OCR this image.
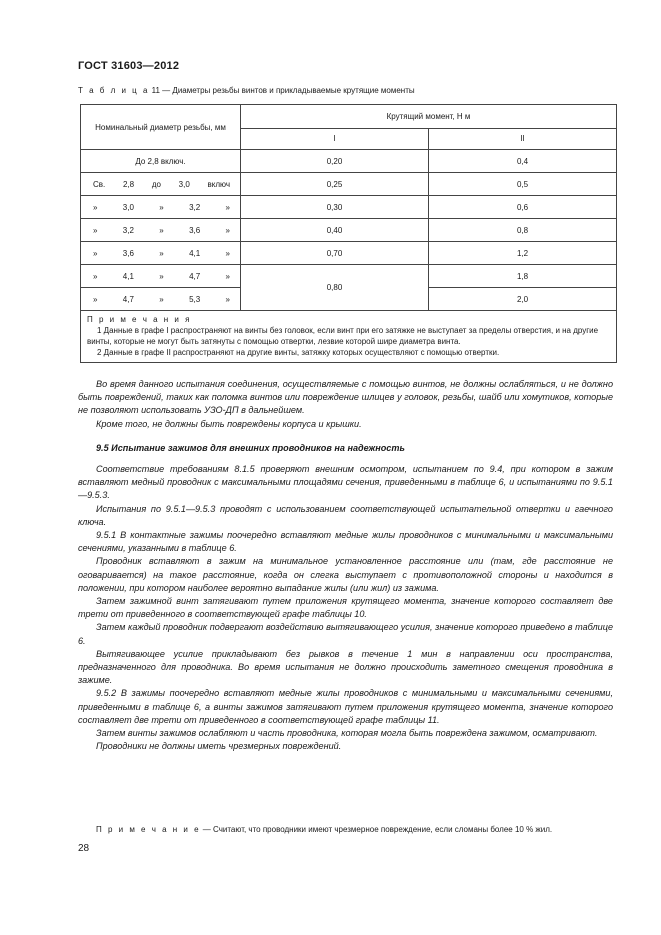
ГОСТ 31603—2012
Т а б л и ц а 11 — Диаметры резьбы винтов и прикладываемые крутящие моменты
Номинальный диаметр резьбы, мм	Крутящий момент, Н м	
	I	II
До 2,8 включ.	0,20	0,4

Св. 2,8 до 3,0 включ	0,25	0,5

» 3,0 » 3,2 »	0,30	0,6

» 3,2 » 3,6 »	0,40	0,8

» 3,6 » 4,1 »	0,70	1,2

» 4,1 » 4,7 »	0,80	1,8

» 4,7 » 5,3 »		2,0

П р и м е ч а н и я
1 Данные в графе I распространяют на винты без головок, если винт при его затяжке не выступает за пределы отверстия, и на другие винты, которые не могут быть затянуты с помощью отвертки, лезвие которой шире диаметра винта.
2 Данные в графе II распространяют на другие винты, затяжку которых осуществляют с помощью отвертки.		

Во время данного испытания соединения, осуществляемые с помощью винтов, не должны ослабляться, и не должно быть повреждений, таких как поломка винтов или повреждение шлицев у головок, резьбы, шайб или хомутиков, которые не позволяют использовать УЗО-ДП в дальнейшем.

Кроме того, не должны быть повреждены корпуса и крышки.

9.5 Испытание зажимов для внешних проводников на надежность

Соответствие требованиям 8.1.5 проверяют внешним осмотром, испытанием по 9.4, при котором в зажим вставляют медный проводник с максимальными площадями сечения, приведенными в таблице 6, и испытаниями по 9.5.1—9.5.3.

Испытания по 9.5.1—9.5.3 проводят с использованием соответствующей испытательной отвертки и гаечного ключа.

9.5.1 В контактные зажимы поочередно вставляют медные жилы проводников с минимальными и максимальными сечениями, указанными в таблице 6.

Проводник вставляют в зажим на минимальное установленное расстояние или (там, где расстояние не оговаривается) на такое расстояние, когда он слегка выступает с противоположной стороны и находится в положении, при котором наиболее вероятно выпадание жилы (или жил) из зажима.

Затем зажимной винт затягивают путем приложения крутящего момента, значение которого составляет две трети от приведенного в соответствующей графе таблицы 10.

Затем каждый проводник подвергают воздействию вытягивающего усилия, значение которого приведено в таблице 6.

Вытягивающее усилие прикладывают без рывков в течение 1 мин в направлении оси пространства, предназначенного для проводника. Во время испытания не должно происходить заметного смещения проводника в зажиме.

9.5.2 В зажимы поочередно вставляют медные жилы проводников с минимальными и максимальными сечениями, приведенными в таблице 6, а винты зажимов затягивают путем приложения крутящего момента, значение которого составляет две трети от приведенного в соответствующей графе таблицы 11.

Затем винты зажимов ослабляют и часть проводника, которая могла быть повреждена зажимом, осматривают.

Проводники не должны иметь чрезмерных повреждений.

П р и м е ч а н и е — Считают, что проводники имеют чрезмерное повреждение, если сломаны более 10 % жил.
28
